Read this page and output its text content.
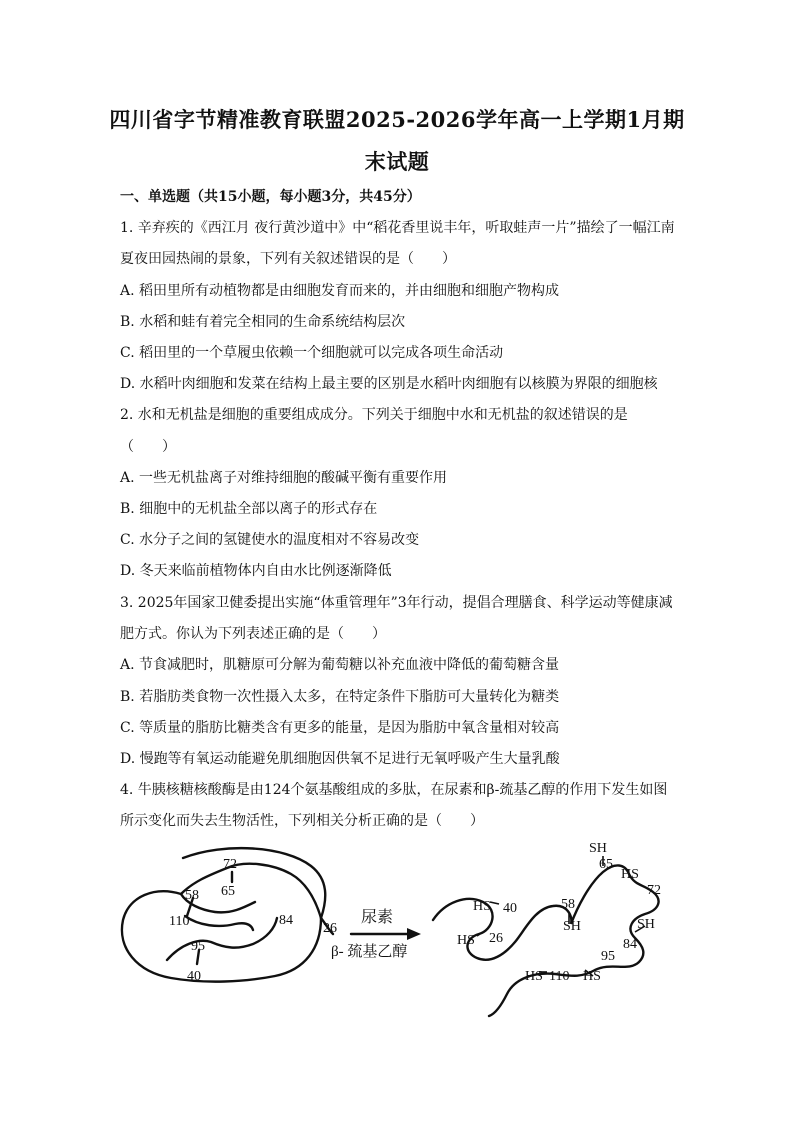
四川省字节精准教育联盟2025-2026学年高一上学期1月期
末试题
一、单选题（共15小题，每小题3分，共45分）
1. 辛弃疾的《西江月 夜行黄沙道中》中“稻花香里说丰年，听取蛙声一片”描绘了一幅江南
夏夜田园热闹的景象，下列有关叙述错误的是（　　）
A. 稻田里所有动植物都是由细胞发育而来的，并由细胞和细胞产物构成
B. 水稻和蛙有着完全相同的生命系统结构层次
C. 稻田里的一个草履虫依赖一个细胞就可以完成各项生命活动
D. 水稻叶肉细胞和发菜在结构上最主要的区别是水稻叶肉细胞有以核膜为界限的细胞核
2. 水和无机盐是细胞的重要组成成分。下列关于细胞中水和无机盐的叙述错误的是
（　　）
A. 一些无机盐离子对维持细胞的酸碱平衡有重要作用
B. 细胞中的无机盐全部以离子的形式存在
C. 水分子之间的氢键使水的温度相对不容易改变
D. 冬天来临前植物体内自由水比例逐渐降低
3. 2025年国家卫健委提出实施“体重管理年”3年行动，提倡合理膳食、科学运动等健康减
肥方式。你认为下列表述正确的是（　　）
A. 节食减肥时，肌糖原可分解为葡萄糖以补充血液中降低的葡萄糖含量
B. 若脂肪类食物一次性摄入太多，在特定条件下脂肪可大量转化为糖类
C. 等质量的脂肪比糖类含有更多的能量，是因为脂肪中氧含量相对较高
D. 慢跑等有氧运动能避免肌细胞因供氧不足进行无氧呼吸产生大量乳酸
4. 牛胰核糖核酸酶是由124个氨基酸组成的多肽，在尿素和β-巯基乙醇的作用下发生如图
所示变化而失去生物活性，下列相关分析正确的是（　　）
72
65
58
110	84
26
95
40
尿素
β- 巯基乙醇
SH
65
HS
72
HS 40	58
SH	SH
HS 26	84
95
HS 110 HS
